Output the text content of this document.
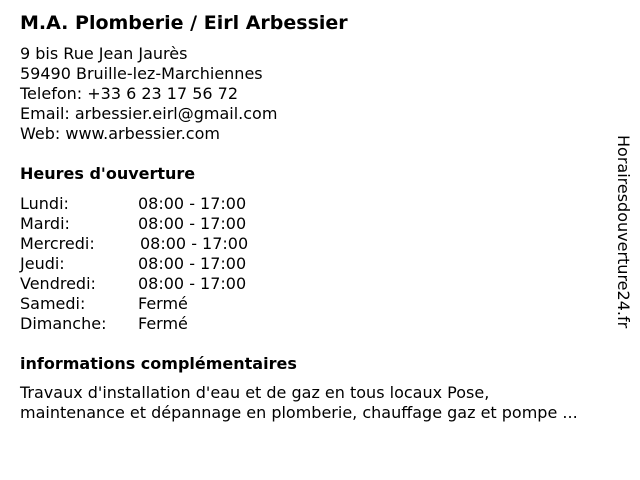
M.A. Plomberie / Eirl Arbessier
9 bis Rue Jean Jaurès
59490 Bruille-lez-Marchiennes
Telefon: +33 6 23 17 56 72
Email: arbessier.eirl@gmail.com
Web: www.arbessier.com
Heures d'ouverture
Lundi:	08:00 - 17:00
Mardi:	08:00 - 17:00
Mercredi:	08:00 - 17:00
Jeudi:	08:00 - 17:00
Vendredi:	08:00 - 17:00
Samedi:	Fermé
Dimanche: Fermé
informations complémentaires
Travaux d'installation d'eau et de gaz en tous locaux Pose,
maintenance et dépannage en plomberie, chauffage gaz et pompe ...
Horairesdouverture24.fr
